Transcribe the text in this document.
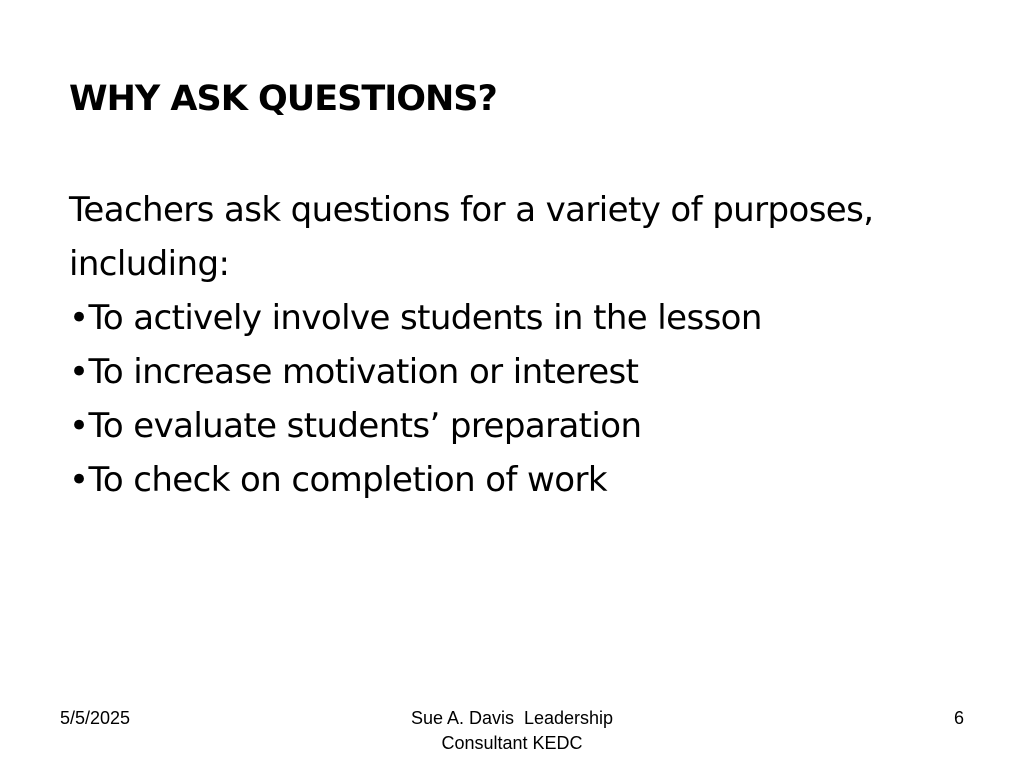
WHY ASK QUESTIONS?

Teachers ask questions for a variety of purposes, including:

•To actively involve students in the lesson
•To increase motivation or interest
•To evaluate students’ preparation
•To check on completion of work
5/5/2025	Sue A. Davis  Leadership
Consultant KEDC
6
